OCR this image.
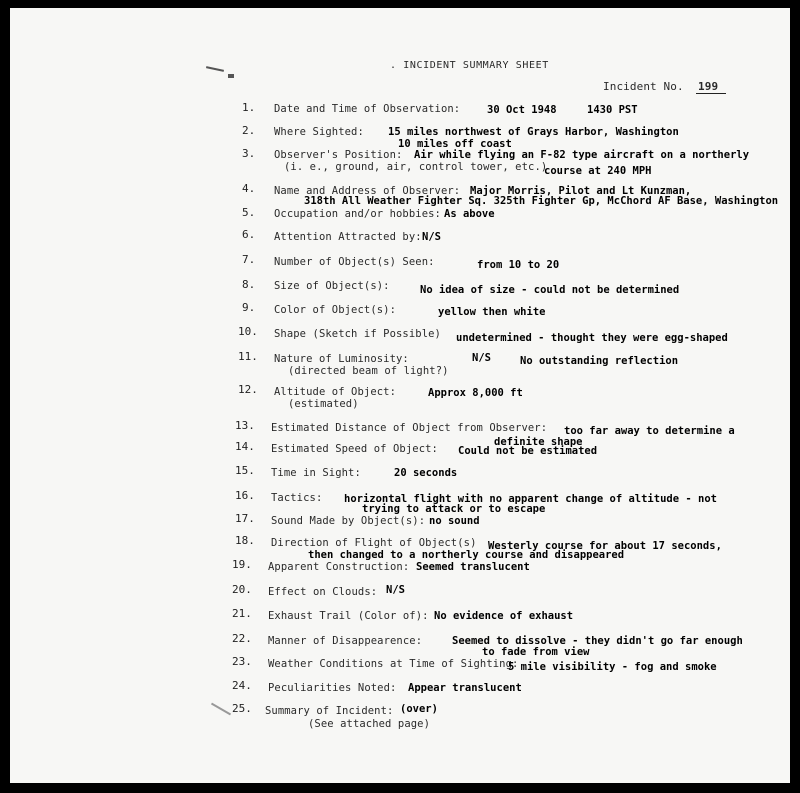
. INCIDENT SUMMARY SHEET
Incident No. 199
1. Date and Time of Observation:	30 Oct 1948	1430 PST
2. Where Sighted: 15 miles northwest of Grays Harbor, Washington
10 miles off coast
3. Observer's Position:
(i. e., ground, air, control tower, etc.)
Air while flying an F-82 type aircraft on a northerly
course at 240 MPH
4. Name and Address of Observer: Major Morris, Pilot and Lt Kunzman,
318th All Weather Fighter Sq. 325th Fighter Gp, McChord AF Base, Washington
5. Occupation and/or hobbies: As above
6. Attention Attracted by: N/S
7. Number of Object(s) Seen:	from 10 to 20
8. Size of Object(s):	No idea of size - could not be determined
9. Color of Object(s):	yellow then white
10. Shape (Sketch if Possible) undetermined - thought they were egg-shaped
11. Nature of Luminosity:
(directed beam of light?)
N/S	No outstanding reflection
12. Altitude of Object:
(estimated)
Approx 8,000 ft
13. Estimated Distance of Object from Observer: too far away to determine a
definite shape
14. Estimated Speed of Object: Could not be estimated
15. Time in Sight:	20 seconds
16. Tactics: horizontal flight with no apparent change of altitude - not
trying to attack or to escape
17. Sound Made by Object(s): no sound
18. Direction of Flight of Object(s) Westerly course for about 17 seconds,
then changed to a northerly course and disappeared
19. Apparent Construction: Seemed translucent
20. Effect on Clouds: N/S
21. Exhaust Trail (Color of): No evidence of exhaust
22. Manner of Disappearence:	Seemed to dissolve - they didn't go far enough
to fade from view
23. Weather Conditions at Time of Sighting:
5 mile visibility - fog and smoke
24. Peculiarities Noted: Appear translucent
25. Summary of Incident:
(See attached page)
(over)
